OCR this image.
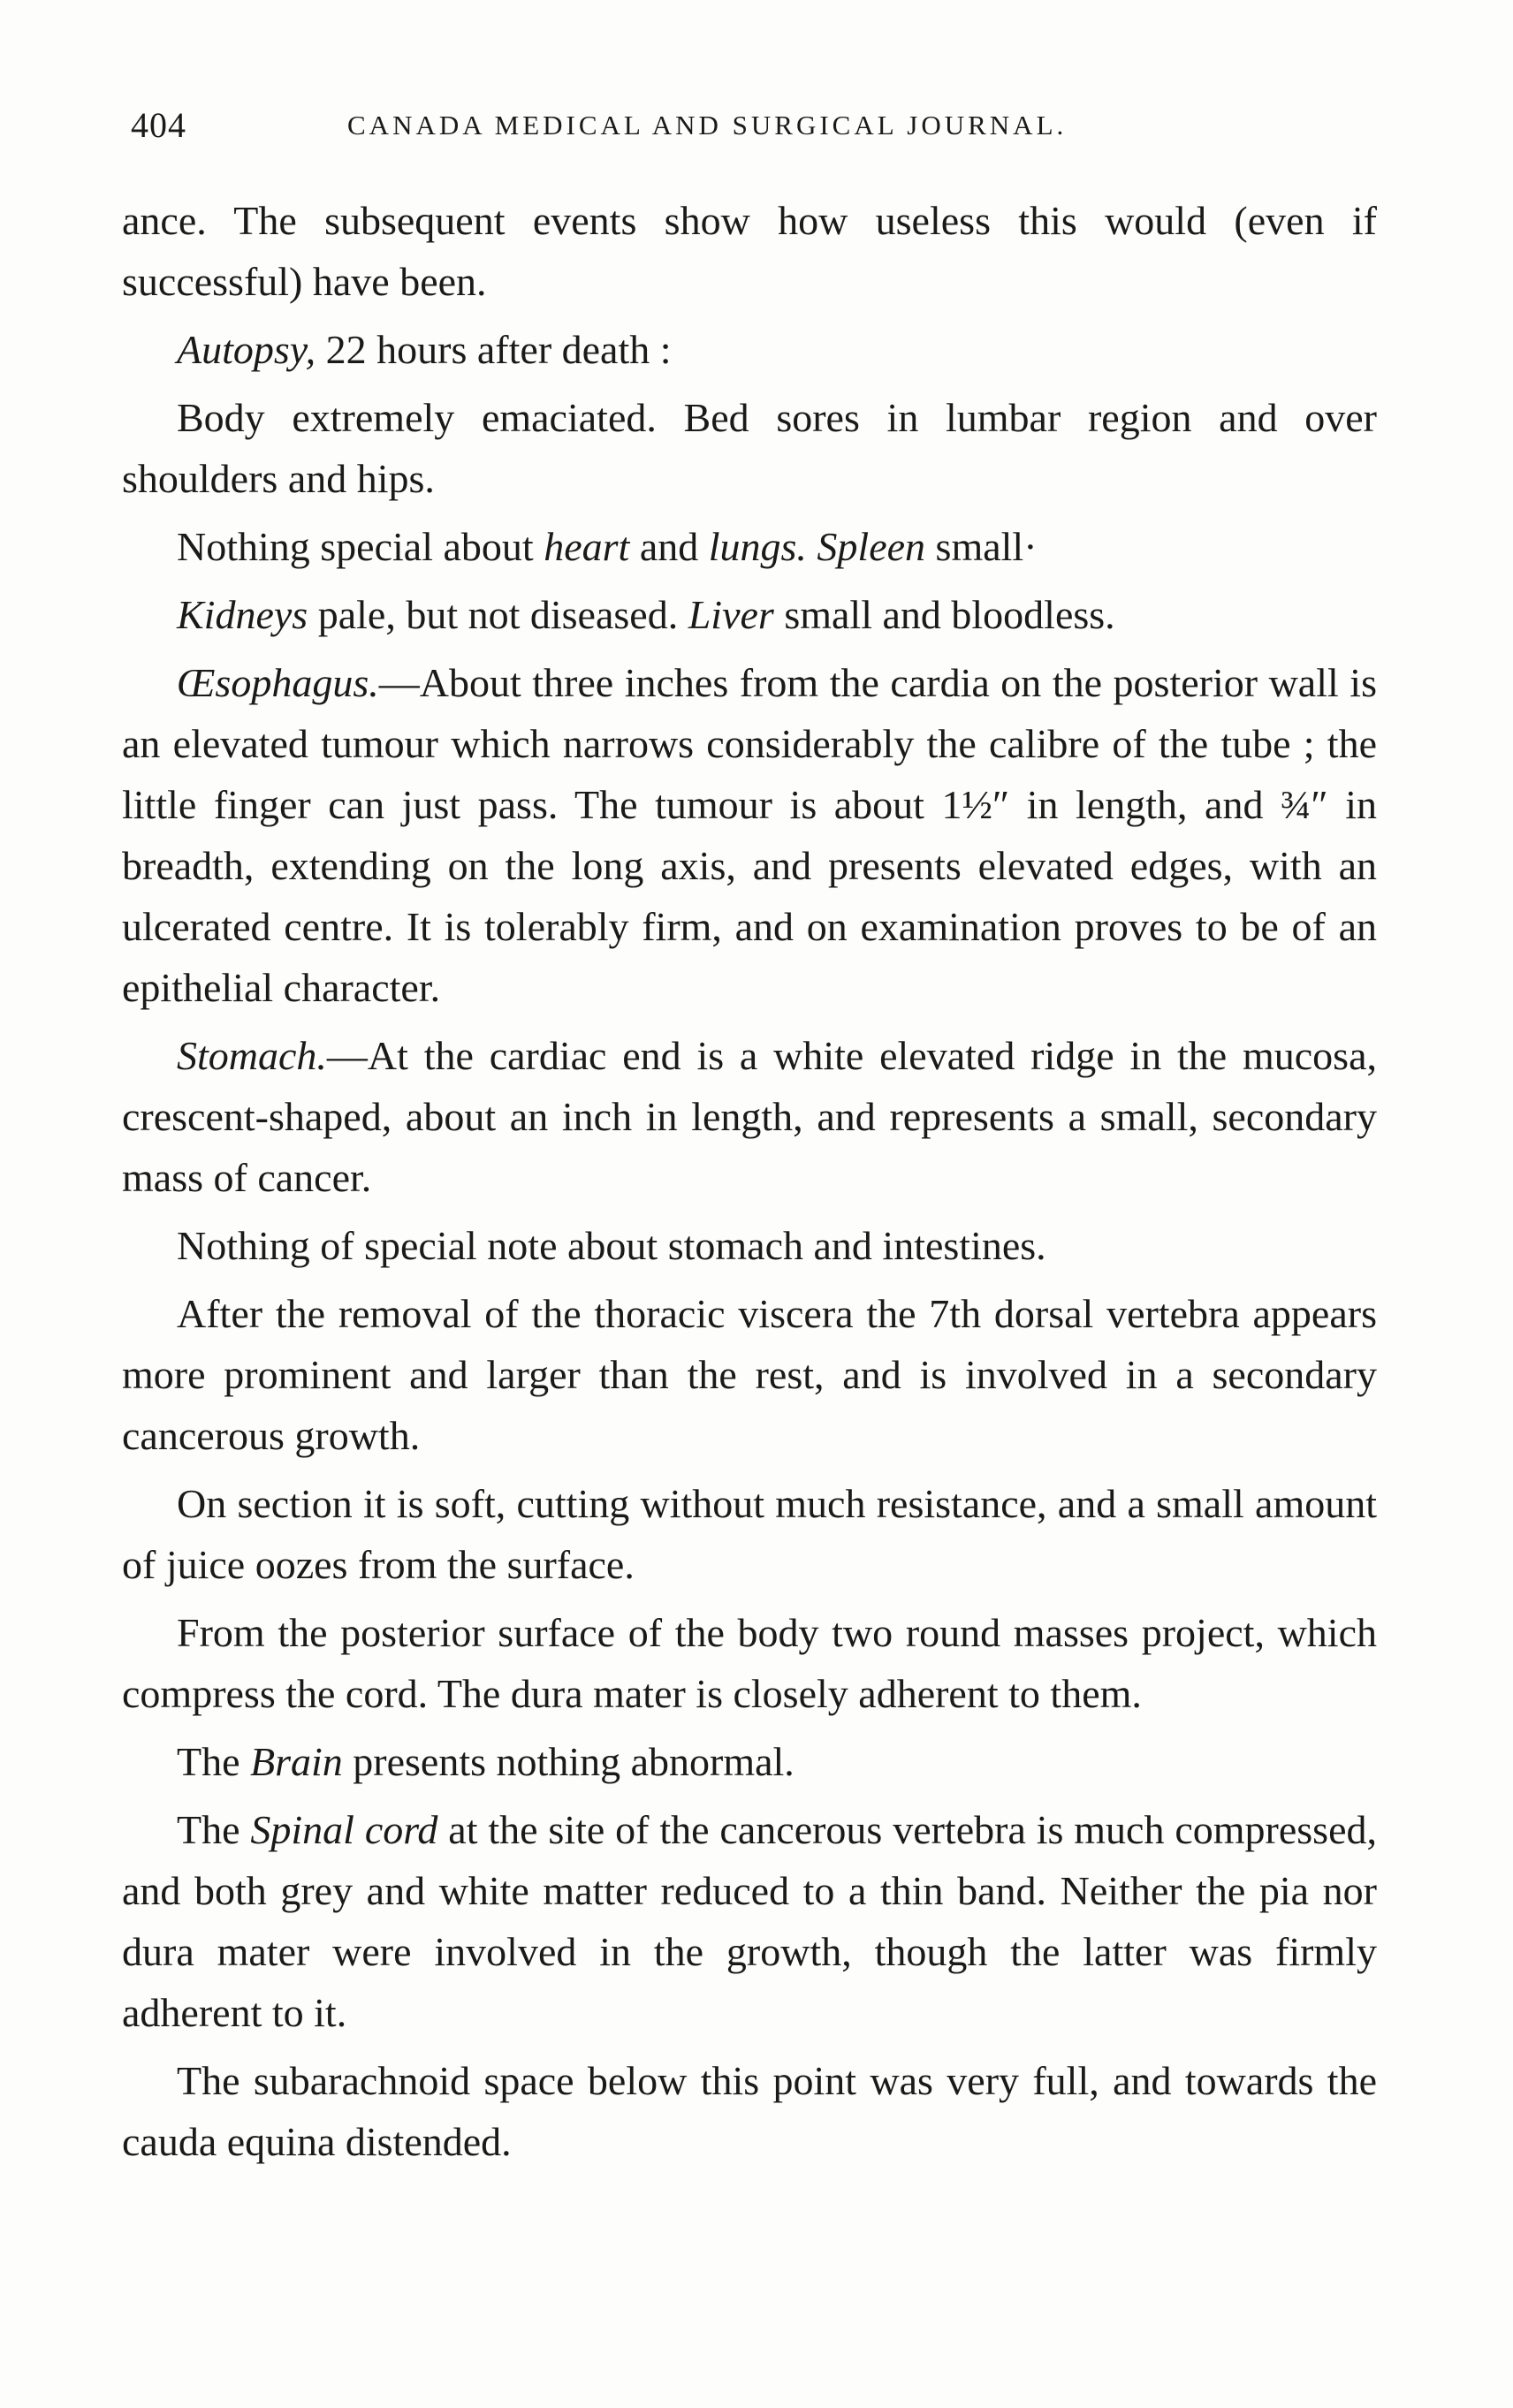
404	CANADA MEDICAL AND SURGICAL JOURNAL.

ance. The subsequent events show how useless this would (even if successful) have been.

Autopsy, 22 hours after death :

Body extremely emaciated. Bed sores in lumbar region and over shoulders and hips.

Nothing special about heart and lungs. Spleen small·

Kidneys pale, but not diseased. Liver small and bloodless.

Œsophagus.—About three inches from the cardia on the posterior wall is an elevated tumour which narrows considerably the calibre of the tube ; the little finger can just pass. The tumour is about 1½″ in length, and ¾″ in breadth, extending on the long axis, and presents elevated edges, with an ulcerated centre. It is tolerably firm, and on examination proves to be of an epithelial character.

Stomach.—At the cardiac end is a white elevated ridge in the mucosa, crescent-shaped, about an inch in length, and represents a small, secondary mass of cancer.

Nothing of special note about stomach and intestines.

After the removal of the thoracic viscera the 7th dorsal vertebra appears more prominent and larger than the rest, and is involved in a secondary cancerous growth.

On section it is soft, cutting without much resistance, and a small amount of juice oozes from the surface.

From the posterior surface of the body two round masses project, which compress the cord. The dura mater is closely adherent to them.

The Brain presents nothing abnormal.

The Spinal cord at the site of the cancerous vertebra is much compressed, and both grey and white matter reduced to a thin band. Neither the pia nor dura mater were involved in the growth, though the latter was firmly adherent to it.

The subarachnoid space below this point was very full, and towards the cauda equina distended.
